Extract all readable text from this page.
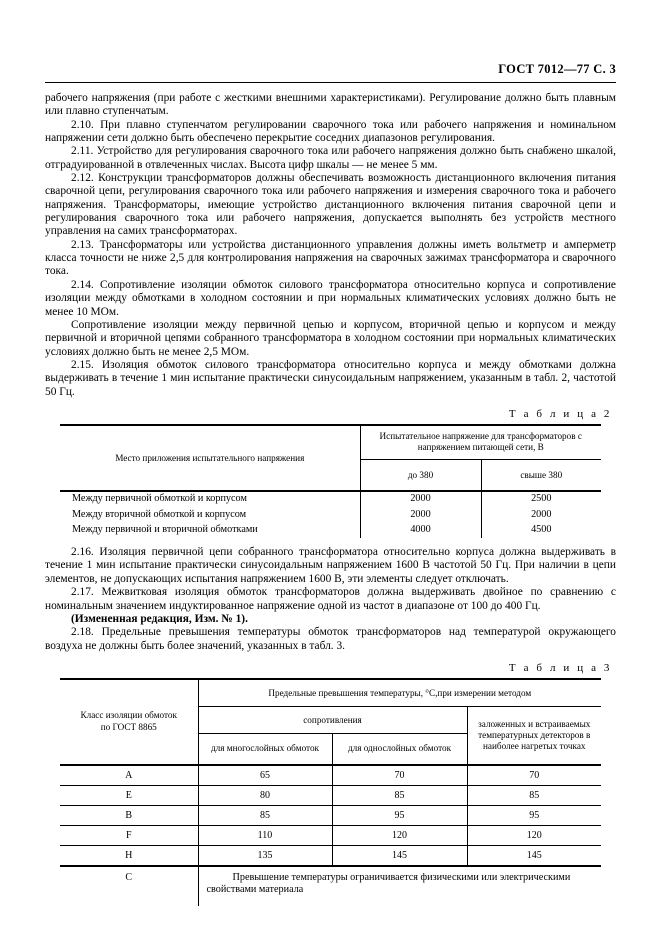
ГОСТ 7012—77 С. 3

рабочего напряжения (при работе с жесткими внешними характеристиками). Регулирование должно быть плавным или плавно ступенчатым.

2.10. При плавно ступенчатом регулировании сварочного тока или рабочего напряжения и номинальном напряжении сети должно быть обеспечено перекрытие соседних диапазонов регулирования.

2.11. Устройство для регулирования сварочного тока или рабочего напряжения должно быть снабжено шкалой, отградуированной в отвлеченных числах. Высота цифр шкалы — не менее 5 мм.

2.12. Конструкции трансформаторов должны обеспечивать возможность дистанционного включения питания сварочной цепи, регулирования сварочного тока или рабочего напряжения и измерения сварочного тока и рабочего напряжения. Трансформаторы, имеющие устройство дистанционного включения питания сварочной цепи и регулирования сварочного тока или рабочего напряжения, допускается выполнять без устройств местного управления на самих трансформаторах.

2.13. Трансформаторы или устройства дистанционного управления должны иметь вольтметр и амперметр класса точности не ниже 2,5 для контролирования напряжения на сварочных зажимах трансформатора и сварочного тока.

2.14. Сопротивление изоляции обмоток силового трансформатора относительно корпуса и сопротивление изоляции между обмотками в холодном состоянии и при нормальных климатических условиях должно быть не менее 10 МОм.

Сопротивление изоляции между первичной цепью и корпусом, вторичной цепью и корпусом и между первичной и вторичной цепями собранного трансформатора в холодном состоянии при нормальных климатических условиях должно быть не менее 2,5 МОм.

2.15. Изоляция обмоток силового трансформатора относительно корпуса и между обмотками должна выдерживать в течение 1 мин испытание практически синусоидальным напряжением, указанным в табл. 2, частотой 50 Гц.

Т а б л и ц а 2
Место приложения испытательного напряжения	Испытательное напряжение для трансформаторов с напряжением питающей сети, В	
	до 380	свыше 380
Между первичной обмоткой и корпусом	2000	2500
Между вторичной обмоткой и корпусом	2000	2000
Между первичной и вторичной обмотками	4000	4500

2.16. Изоляция первичной цепи собранного трансформатора относительно корпуса должна выдерживать в течение 1 мин испытание практически синусоидальным напряжением 1600 В частотой 50 Гц. При наличии в цепи элементов, не допускающих испытания напряжением 1600 В, эти элементы следует отключать.

2.17. Межвитковая изоляция обмоток трансформаторов должна выдерживать двойное по сравнению с номинальным значением индуктированное напряжение одной из частот в диапазоне от 100 до 400 Гц.

(Измененная редакция, Изм. № 1).

2.18. Предельные превышения температуры обмоток трансформаторов над температурой окружающего воздуха не должны быть более значений, указанных в табл. 3.

Т а б л и ц а 3
Класс изоляции обмоток
по ГОСТ 8865	Предельные превышения температуры, °C,при измерении методом		
	сопротивления		заложенных и встраиваемых температурных детекторов в наиболее нагретых точках
	для многослойных обмоток	для однослойных обмоток	
А	65	70	70
Е	80	85	85
В	85	95	95
F	110	120	120
Н	135	145	145
С	Превышение температуры ограничивается физическими или электрическими свойствами материала		
